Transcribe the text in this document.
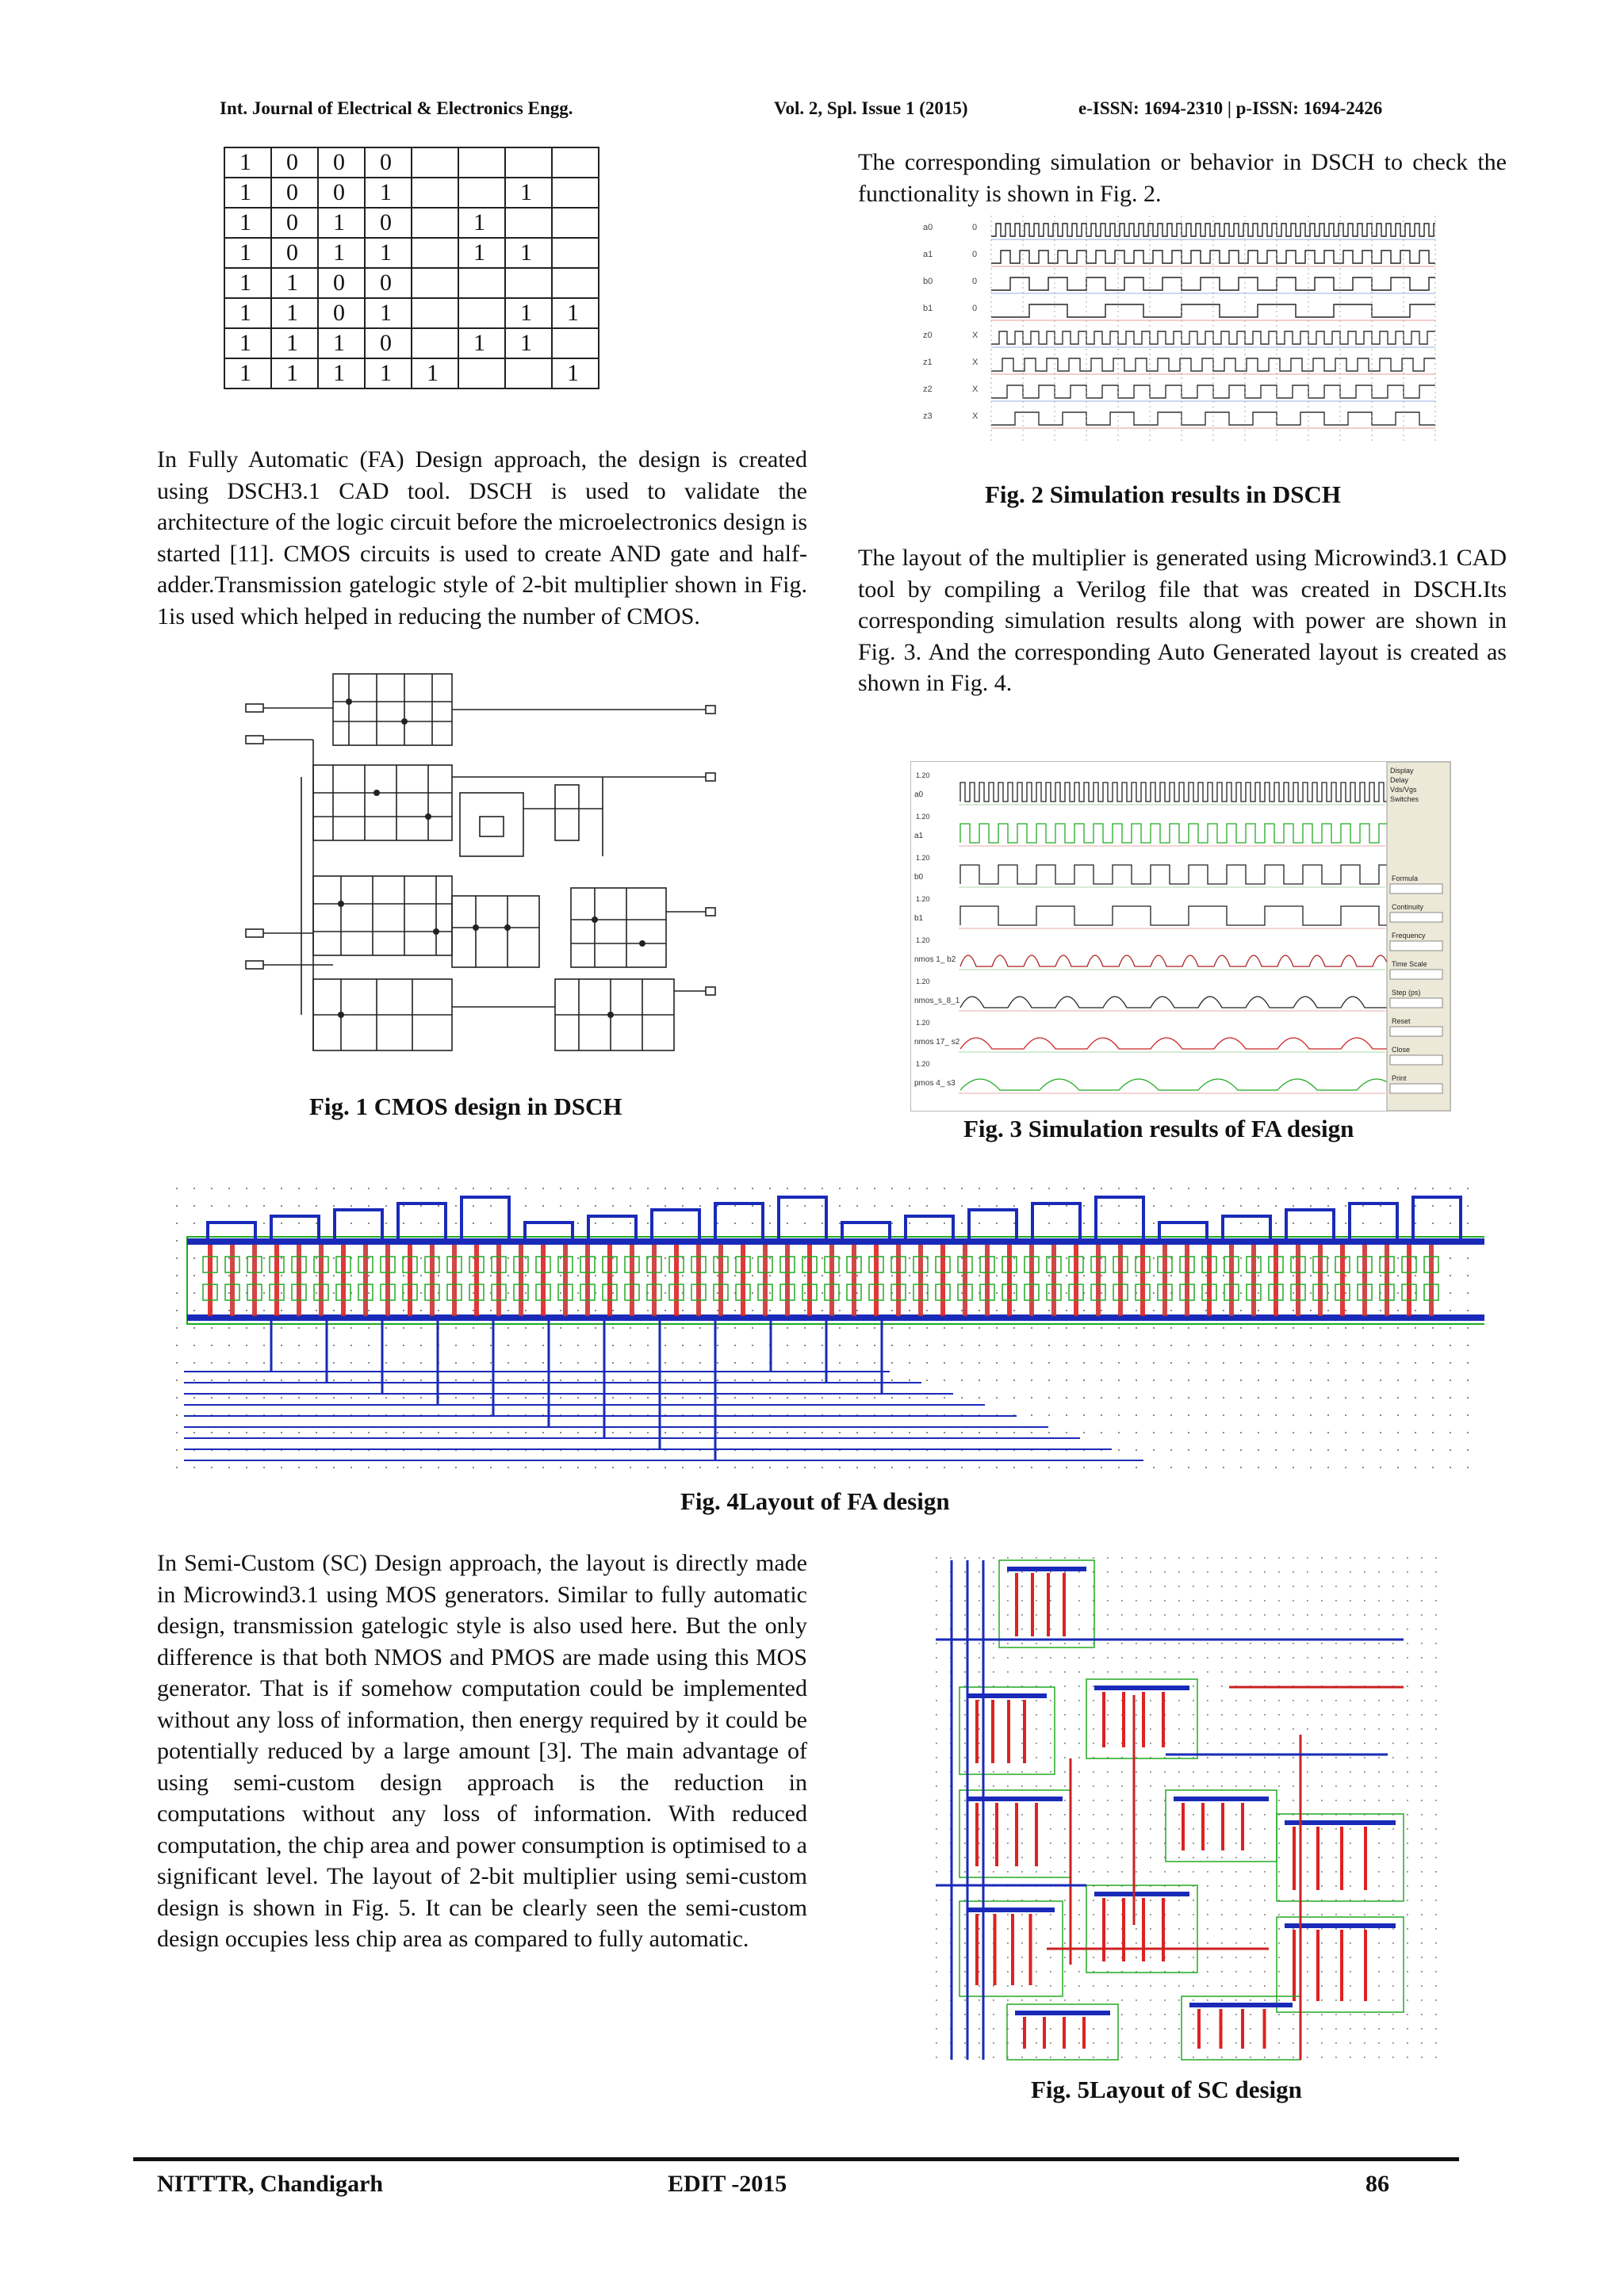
Int. Journal of Electrical & Electronics Engg.	Vol. 2, Spl. Issue 1 (2015)	e-ISSN: 1694-2310 | p-ISSN: 1694-2426
1	0	0	0				
1	0	0	1			1	
1	0	1	0		1		
1	0	1	1		1	1	
1	1	0	0				
1	1	0	1			1	1
1	1	1	0		1	1	
1	1	1	1	1			1

In Fully Automatic (FA) Design approach, the design is created using DSCH3.1 CAD tool. DSCH is used to validate the architecture of the logic circuit before the microelectronics design is started [11]. CMOS circuits is used to create AND gate and half-adder.Transmission gatelogic style of 2-bit multiplier shown in Fig. 1is used which helped in reducing the number of CMOS.

Fig. 1 CMOS design in DSCH

The corresponding simulation or behavior in DSCH to check the functionality is shown in Fig. 2.

a0	0
a1	0
b0	0
b1	0
z0	X
z1	X
z2	X
z3	X
Fig. 2 Simulation results in DSCH

The layout of the multiplier is generated using Microwind3.1 CAD tool by compiling a Verilog file that was created in DSCH.Its corresponding simulation results along with power are shown in Fig. 3. And the corresponding Auto Generated layout is created as shown in Fig. 4.

a0
1.20
a1
1.20
b0
1.20
b1
1.20
nmos 1_ b2
1.20
nmos_s_8_1
1.20
nmos 17_ s2
1.20
pmos 4_ s3
1.20
Display
Delay
Vds/Vgs
Switches
Formula
Continuity
Frequency
Time Scale
Step (ps)
Reset
Close
Print
Fig. 3 Simulation results of FA design
Fig. 4Layout of FA design

In Semi-Custom (SC) Design approach, the layout is directly made in Microwind3.1 using MOS generators. Similar to fully automatic design, transmission gatelogic style is also used here. But the only difference is that both NMOS and PMOS are made using this MOS generator. That is if somehow computation could be implemented without any loss of information, then energy required by it could be potentially reduced by a large amount [3]. The main advantage of using semi-custom design approach is the reduction in computations without any loss of information. With reduced computation, the chip area and power consumption is optimised to a significant level. The layout of 2-bit multiplier using semi-custom design is shown in Fig. 5. It can be clearly seen the semi-custom design occupies less chip area as compared to fully automatic.

Fig. 5Layout of SC design
NITTTR, Chandigarh	EDIT -2015	86
